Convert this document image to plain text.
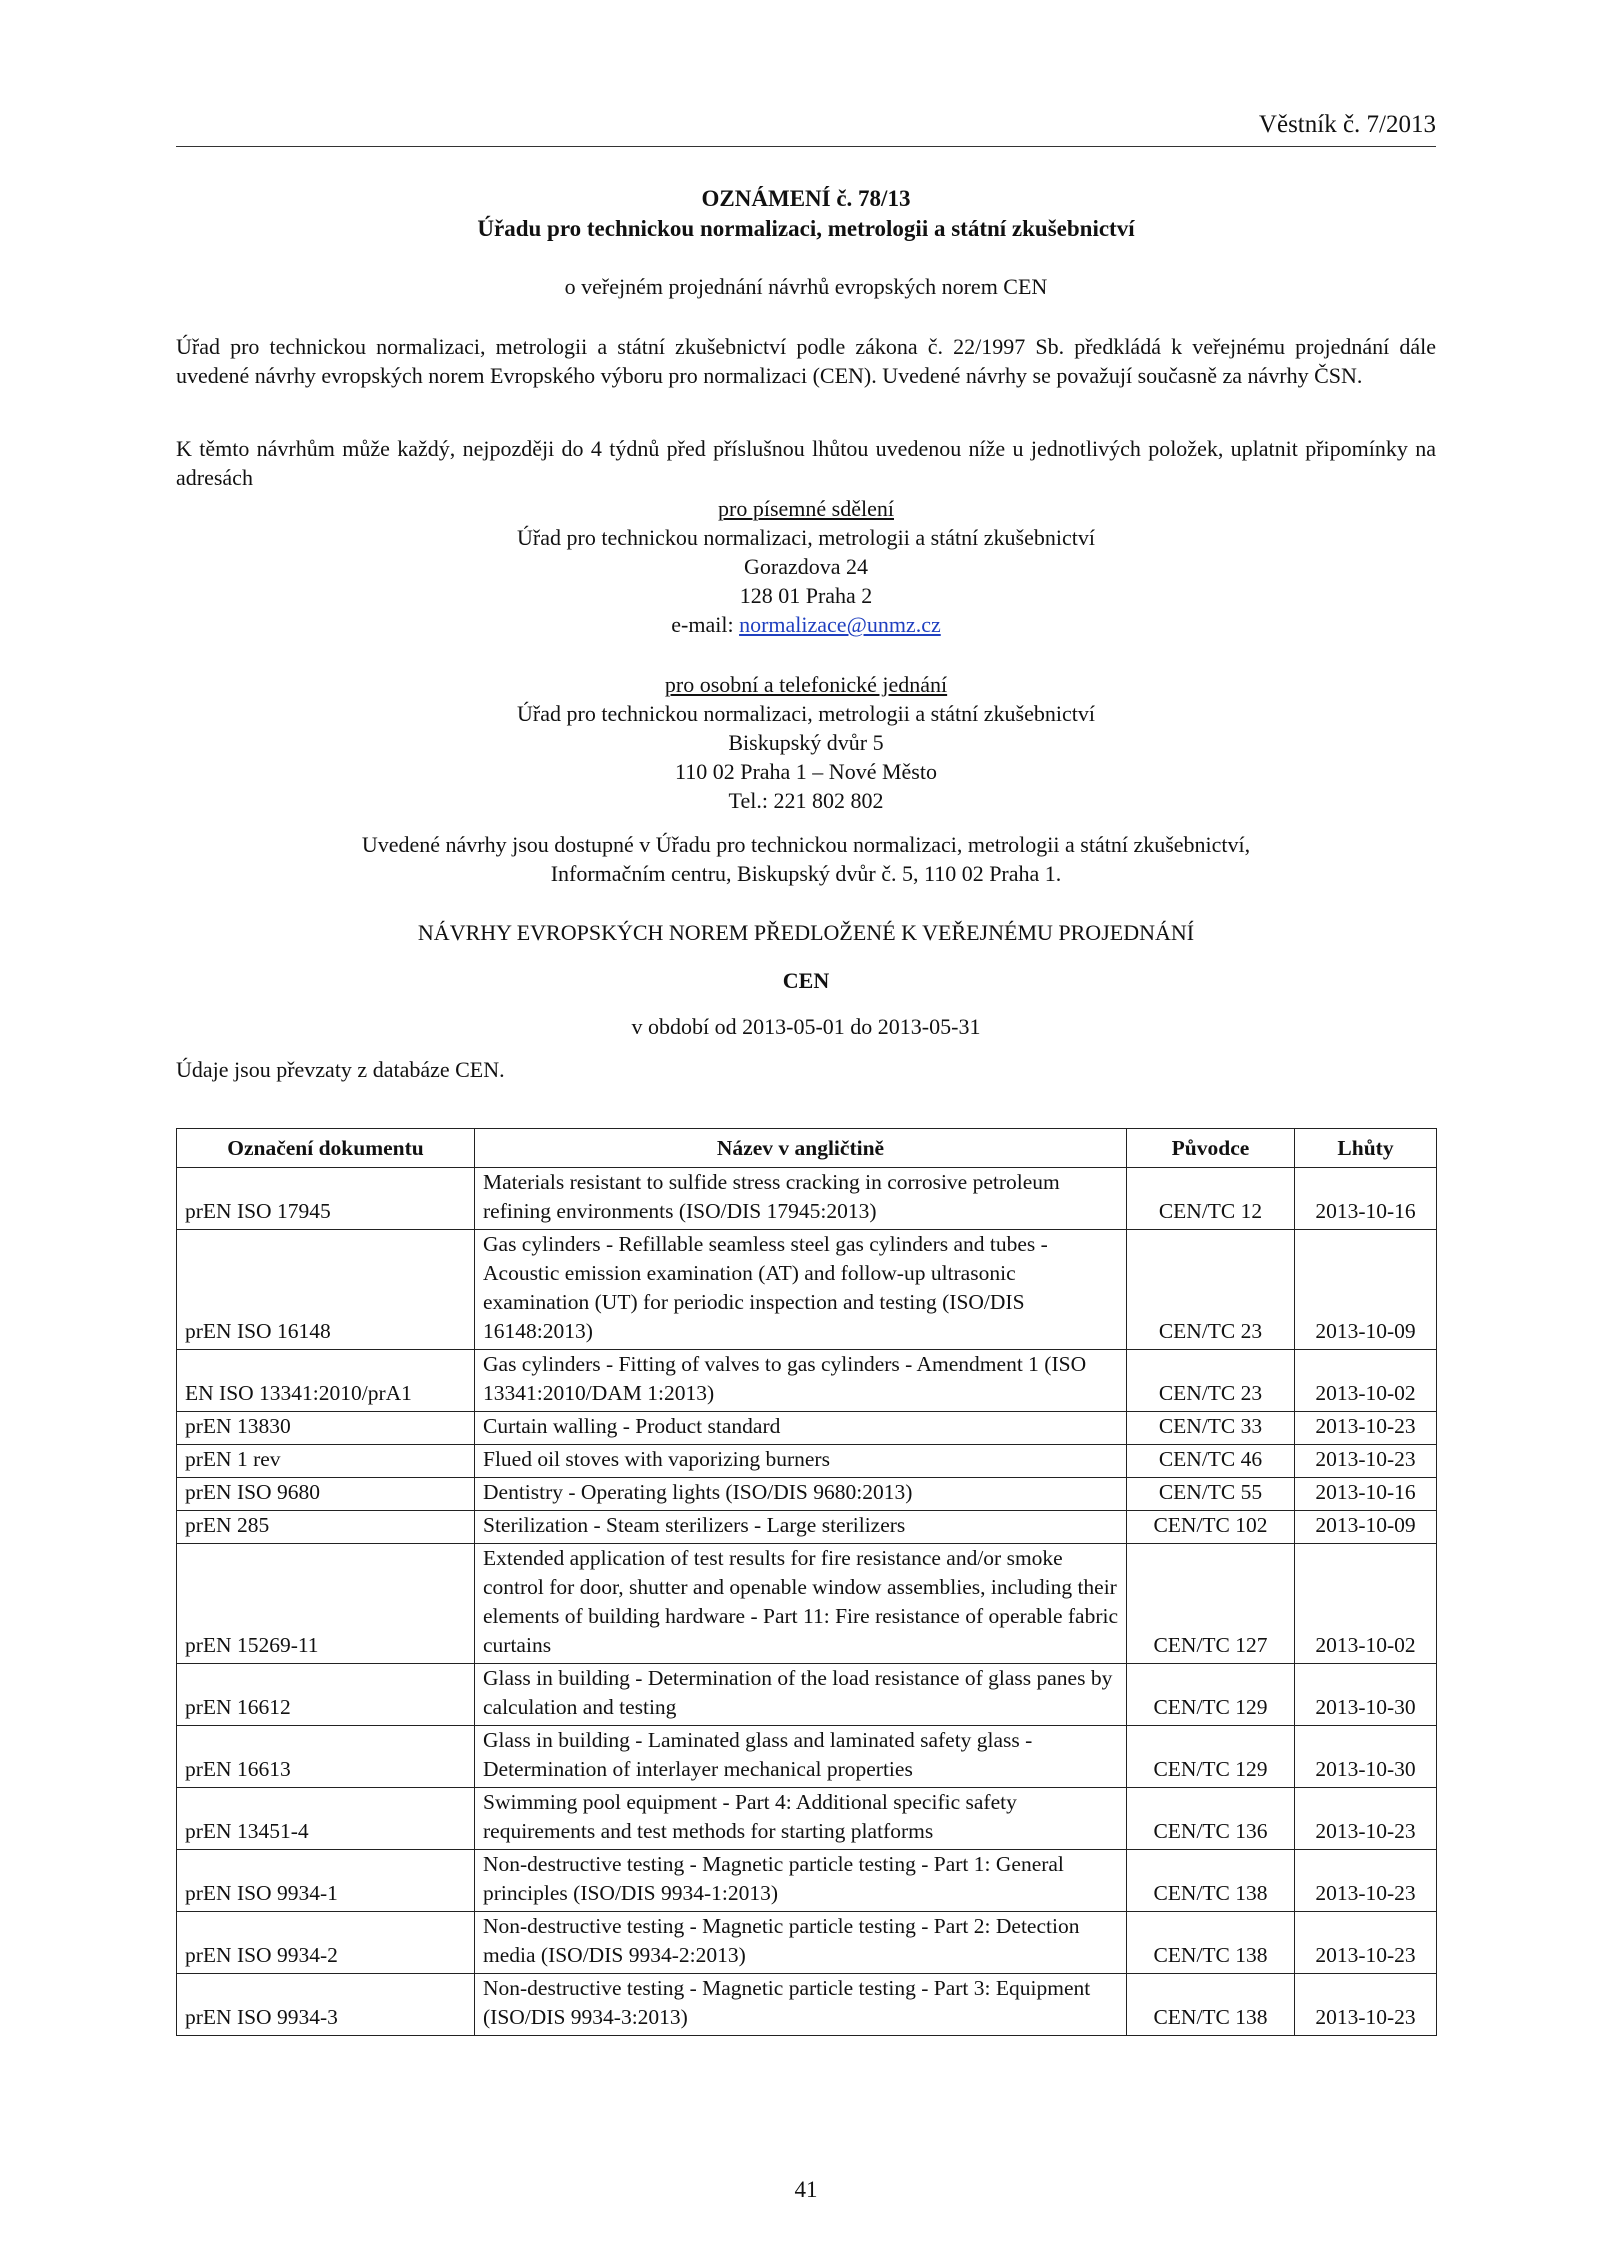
Věstník č. 7/2013
OZNÁMENÍ č. 78/13
Úřadu pro technickou normalizaci, metrologii a státní zkušebnictví
o veřejném projednání návrhů evropských norem CEN
Úřad pro technickou normalizaci, metrologii a státní zkušebnictví podle zákona č. 22/1997 Sb. předkládá k veřejnému projednání dále uvedené návrhy evropských norem Evropského výboru pro normalizaci (CEN). Uvedené návrhy se považují současně za návrhy ČSN.
K těmto návrhům může každý, nejpozději do 4 týdnů před příslušnou lhůtou uvedenou níže u jednotlivých položek, uplatnit připomínky na adresách
pro písemné sdělení
Úřad pro technickou normalizaci, metrologii a státní zkušebnictví
Gorazdova 24
128 01 Praha 2
e-mail: normalizace@unmz.cz
pro osobní a telefonické jednání
Úřad pro technickou normalizaci, metrologii a státní zkušebnictví
Biskupský dvůr 5
110 02 Praha 1 – Nové Město
Tel.: 221 802 802
Uvedené návrhy jsou dostupné v Úřadu pro technickou normalizaci, metrologii a státní zkušebnictví,
Informačním centru, Biskupský dvůr č. 5, 110 02 Praha 1.
NÁVRHY EVROPSKÝCH NOREM PŘEDLOŽENÉ K VEŘEJNÉMU PROJEDNÁNÍ
CEN
v období od 2013-05-01 do 2013-05-31
Údaje jsou převzaty z databáze CEN.
Označení dokumentu	Název v angličtině	Původce	Lhůty
prEN ISO 17945	Materials resistant to sulfide stress cracking in corrosive petroleum refining environments (ISO/DIS 17945:2013)	CEN/TC 12	2013-10-16
prEN ISO 16148	Gas cylinders - Refillable seamless steel gas cylinders and tubes - Acoustic emission examination (AT) and follow-up ultrasonic examination (UT) for periodic inspection and testing (ISO/DIS 16148:2013)	CEN/TC 23	2013-10-09
EN ISO 13341:2010/prA1	Gas cylinders - Fitting of valves to gas cylinders - Amendment 1 (ISO 13341:2010/DAM 1:2013)	CEN/TC 23	2013-10-02
prEN 13830	Curtain walling - Product standard	CEN/TC 33	2013-10-23
prEN 1 rev	Flued oil stoves with vaporizing burners	CEN/TC 46	2013-10-23
prEN ISO 9680	Dentistry - Operating lights (ISO/DIS 9680:2013)	CEN/TC 55	2013-10-16
prEN 285	Sterilization - Steam sterilizers - Large sterilizers	CEN/TC 102	2013-10-09
prEN 15269-11	Extended application of test results for fire resistance and/or smoke control for door, shutter and openable window assemblies, including their elements of building hardware - Part 11: Fire resistance of operable fabric curtains	CEN/TC 127	2013-10-02
prEN 16612	Glass in building - Determination of the load resistance of glass panes by calculation and testing	CEN/TC 129	2013-10-30
prEN 16613	Glass in building - Laminated glass and laminated safety glass - Determination of interlayer mechanical properties	CEN/TC 129	2013-10-30
prEN 13451-4	Swimming pool equipment - Part 4: Additional specific safety requirements and test methods for starting platforms	CEN/TC 136	2013-10-23
prEN ISO 9934-1	Non-destructive testing - Magnetic particle testing - Part 1: General principles (ISO/DIS 9934-1:2013)	CEN/TC 138	2013-10-23
prEN ISO 9934-2	Non-destructive testing - Magnetic particle testing - Part 2: Detection media (ISO/DIS 9934-2:2013)	CEN/TC 138	2013-10-23
prEN ISO 9934-3	Non-destructive testing - Magnetic particle testing - Part 3: Equipment (ISO/DIS 9934-3:2013)	CEN/TC 138	2013-10-23
41
